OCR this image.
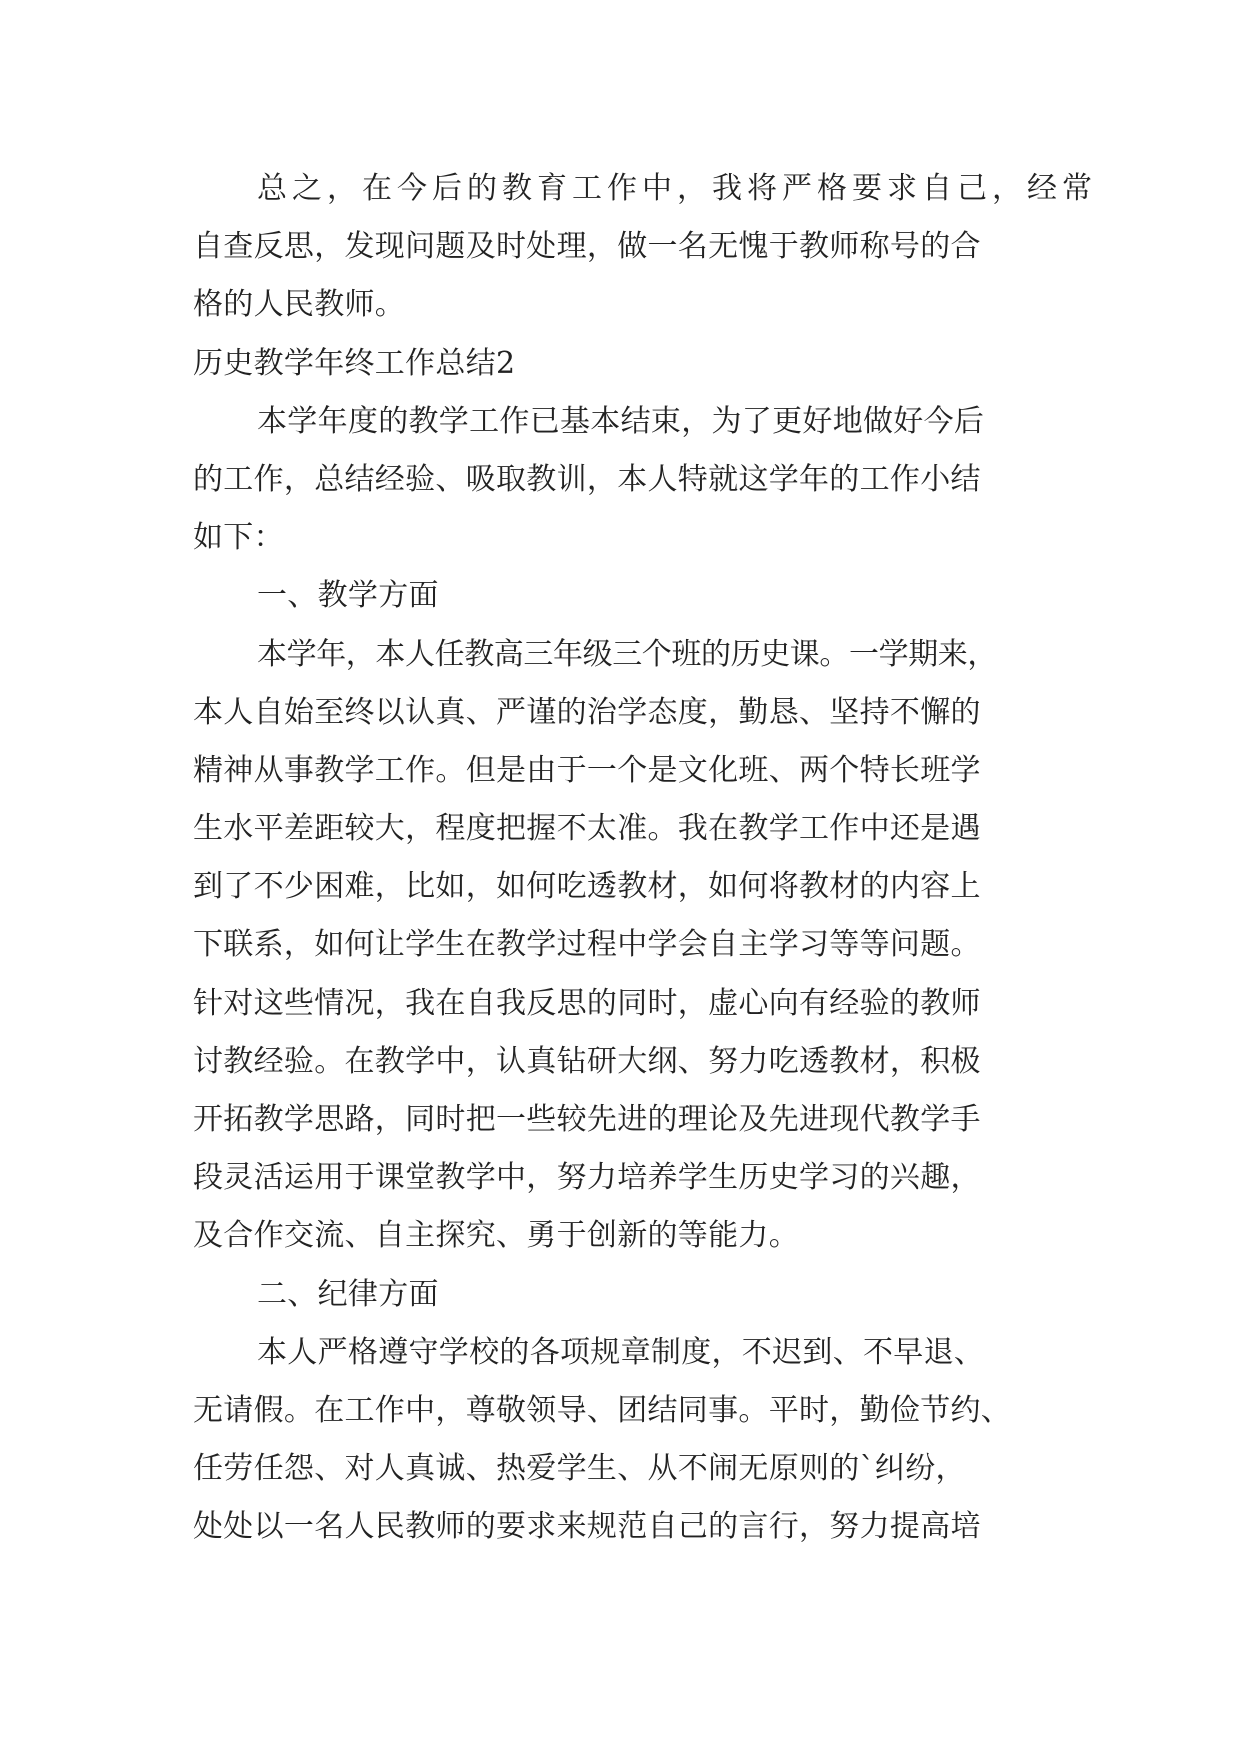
总之，在今后的教育工作中，我将严格要求自己，经常
自查反思，发现问题及时处理，做一名无愧于教师称号的合
格的人民教师。
历史教学年终工作总结2
本学年度的教学工作已基本结束，为了更好地做好今后
的工作，总结经验、吸取教训，本人特就这学年的工作小结
如下：
一、教学方面
本学年，本人任教高三年级三个班的历史课。一学期来，
本人自始至终以认真、严谨的治学态度，勤恳、坚持不懈的
精神从事教学工作。但是由于一个是文化班、两个特长班学
生水平差距较大，程度把握不太准。我在教学工作中还是遇
到了不少困难，比如，如何吃透教材，如何将教材的内容上
下联系，如何让学生在教学过程中学会自主学习等等问题。
针对这些情况，我在自我反思的同时，虚心向有经验的教师
讨教经验。在教学中，认真钻研大纲、努力吃透教材，积极
开拓教学思路，同时把一些较先进的理论及先进现代教学手
段灵活运用于课堂教学中，努力培养学生历史学习的兴趣，
及合作交流、自主探究、勇于创新的等能力。
二、纪律方面
本人严格遵守学校的各项规章制度，不迟到、不早退、
无请假。在工作中，尊敬领导、团结同事。平时，勤俭节约、
任劳任怨、对人真诚、热爱学生、从不闹无原则的`纠纷，
处处以一名人民教师的要求来规范自己的言行，努力提高培
